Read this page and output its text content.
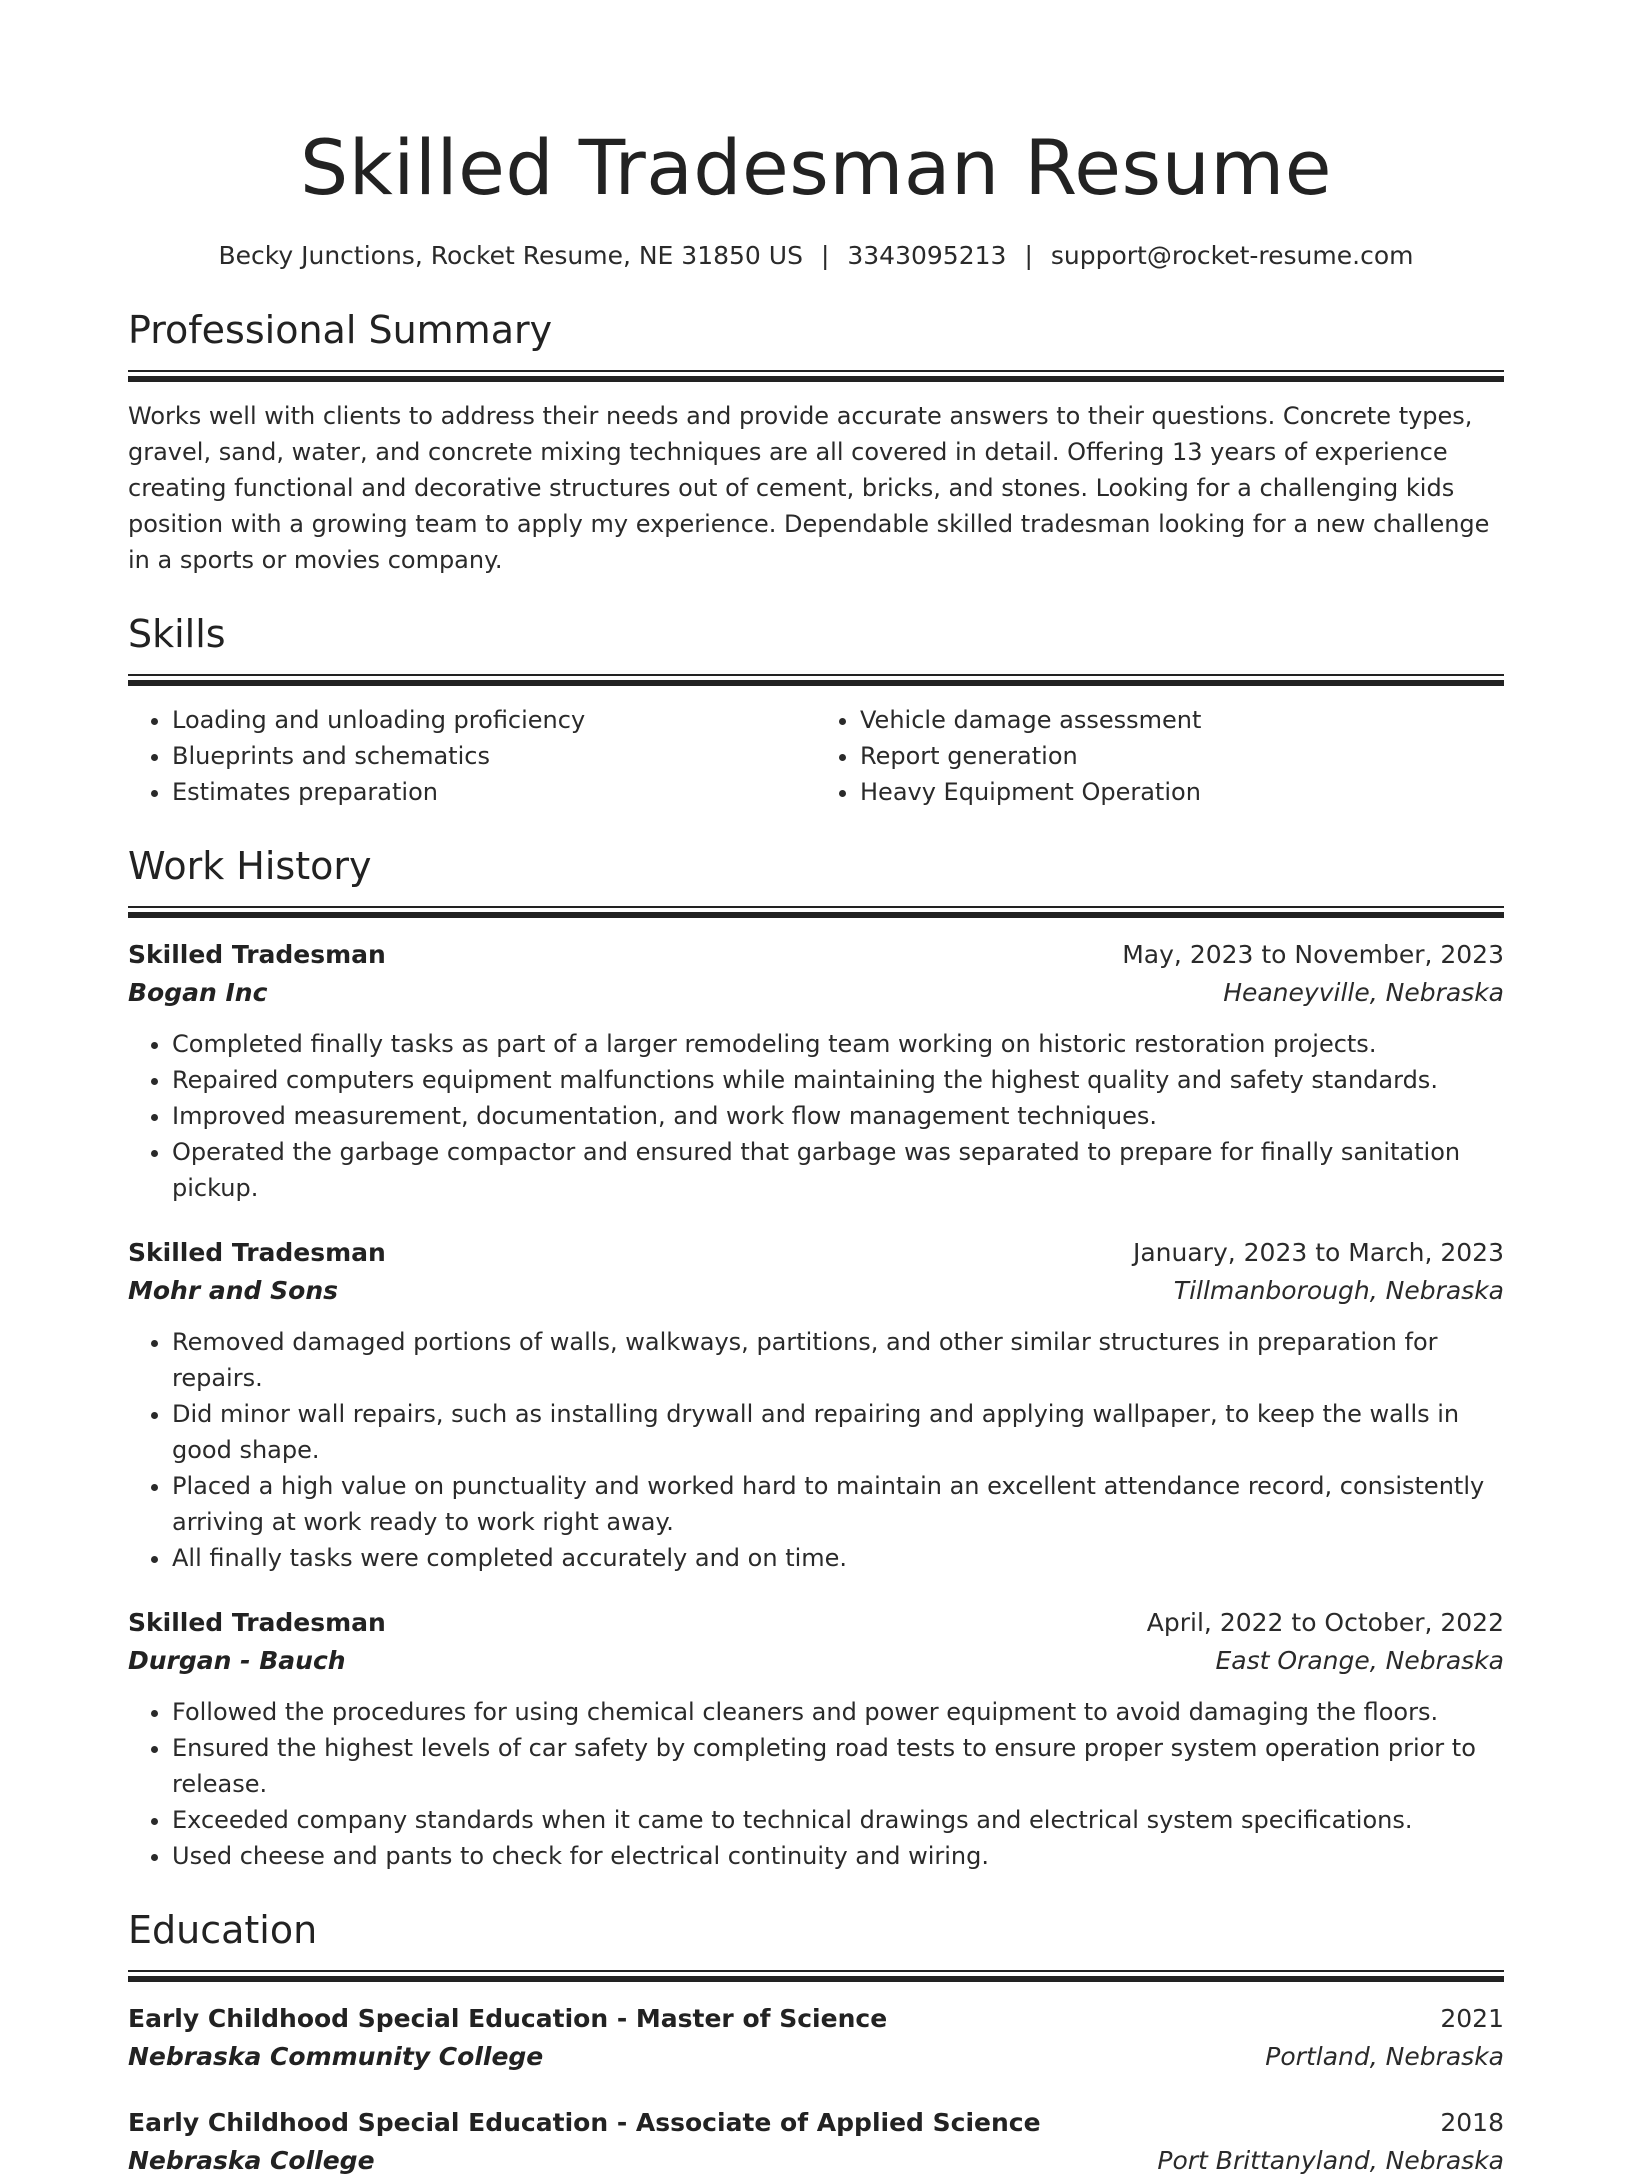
Skilled Tradesman Resume
Becky Junctions, Rocket Resume, NE 31850 US | 3343095213 | support@rocket-resume.com
Professional Summary
Works well with clients to address their needs and provide accurate answers to their questions. Concrete types, gravel, sand, water, and concrete mixing techniques are all covered in detail. Offering 13 years of experience creating functional and decorative structures out of cement, bricks, and stones. Looking for a challenging kids position with a growing team to apply my experience. Dependable skilled tradesman looking for a new challenge in a sports or movies company.
Skills
• Loading and unloading proficiency
• Blueprints and schematics
• Estimates preparation
• Vehicle damage assessment
• Report generation
• Heavy Equipment Operation
Work History
Skilled Tradesman	May, 2023 to November, 2023
Bogan Inc	Heaneyville, Nebraska
• Completed finally tasks as part of a larger remodeling team working on historic restoration projects.
• Repaired computers equipment malfunctions while maintaining the highest quality and safety standards.
• Improved measurement, documentation, and work flow management techniques.
• Operated the garbage compactor and ensured that garbage was separated to prepare for finally sanitation pickup.
Skilled Tradesman	January, 2023 to March, 2023
Mohr and Sons	Tillmanborough, Nebraska
• Removed damaged portions of walls, walkways, partitions, and other similar structures in preparation for repairs.
• Did minor wall repairs, such as installing drywall and repairing and applying wallpaper, to keep the walls in good shape.
• Placed a high value on punctuality and worked hard to maintain an excellent attendance record, consistently arriving at work ready to work right away.
• All finally tasks were completed accurately and on time.
Skilled Tradesman	April, 2022 to October, 2022
Durgan - Bauch	East Orange, Nebraska
• Followed the procedures for using chemical cleaners and power equipment to avoid damaging the floors.
• Ensured the highest levels of car safety by completing road tests to ensure proper system operation prior to release.
• Exceeded company standards when it came to technical drawings and electrical system specifications.
• Used cheese and pants to check for electrical continuity and wiring.
Education
Early Childhood Special Education - Master of Science	2021
Nebraska Community College	Portland, Nebraska
Early Childhood Special Education - Associate of Applied Science	2018
Nebraska College	Port Brittanyland, Nebraska
